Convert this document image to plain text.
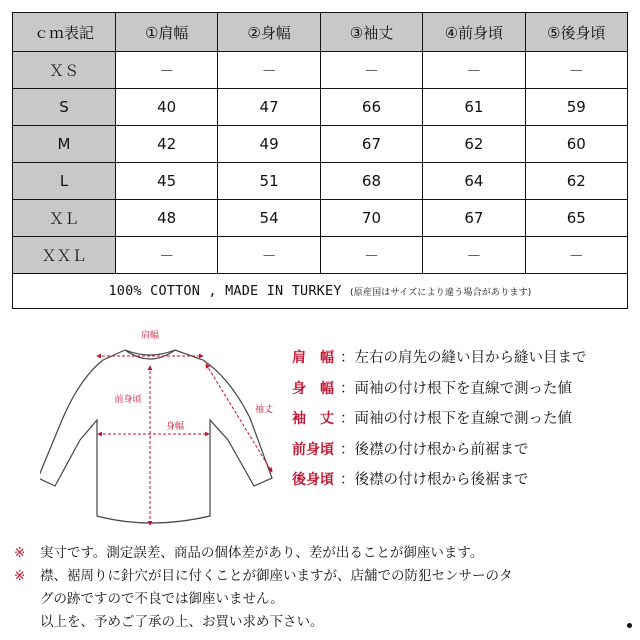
ｃｍ表記	①肩幅	②身幅	③袖丈	④前身頃	⑤後身頃
ＸＳ	－	－	－	－	－
S	40	47	66	61	59
M	42	49	67	62	60
L	45	51	68	64	62
ＸＬ	48	54	70	67	65
ＸＸＬ	－	－	－	－	－
100% COTTON , MADE IN TURKEY (原産国はサイズにより違う場合があります)					
肩幅
前身頃
身幅
袖丈
肩　幅 ：左右の肩先の縫い目から縫い目まで
身　幅 ：両袖の付け根下を直線で測った値
袖　丈 ：両袖の付け根下を直線で測った値
前身頃 ：後襟の付け根から前裾まで
後身頃 ：後襟の付け根から後裾まで
※ 実寸です。測定誤差、商品の個体差があり、差が出ることが御座います。
※ 襟、裾周りに針穴が目に付くことが御座いますが、店舗での防犯センサーのタ
グの跡ですので不良では御座いません。
以上を、予めご了承の上、お買い求め下さい。
